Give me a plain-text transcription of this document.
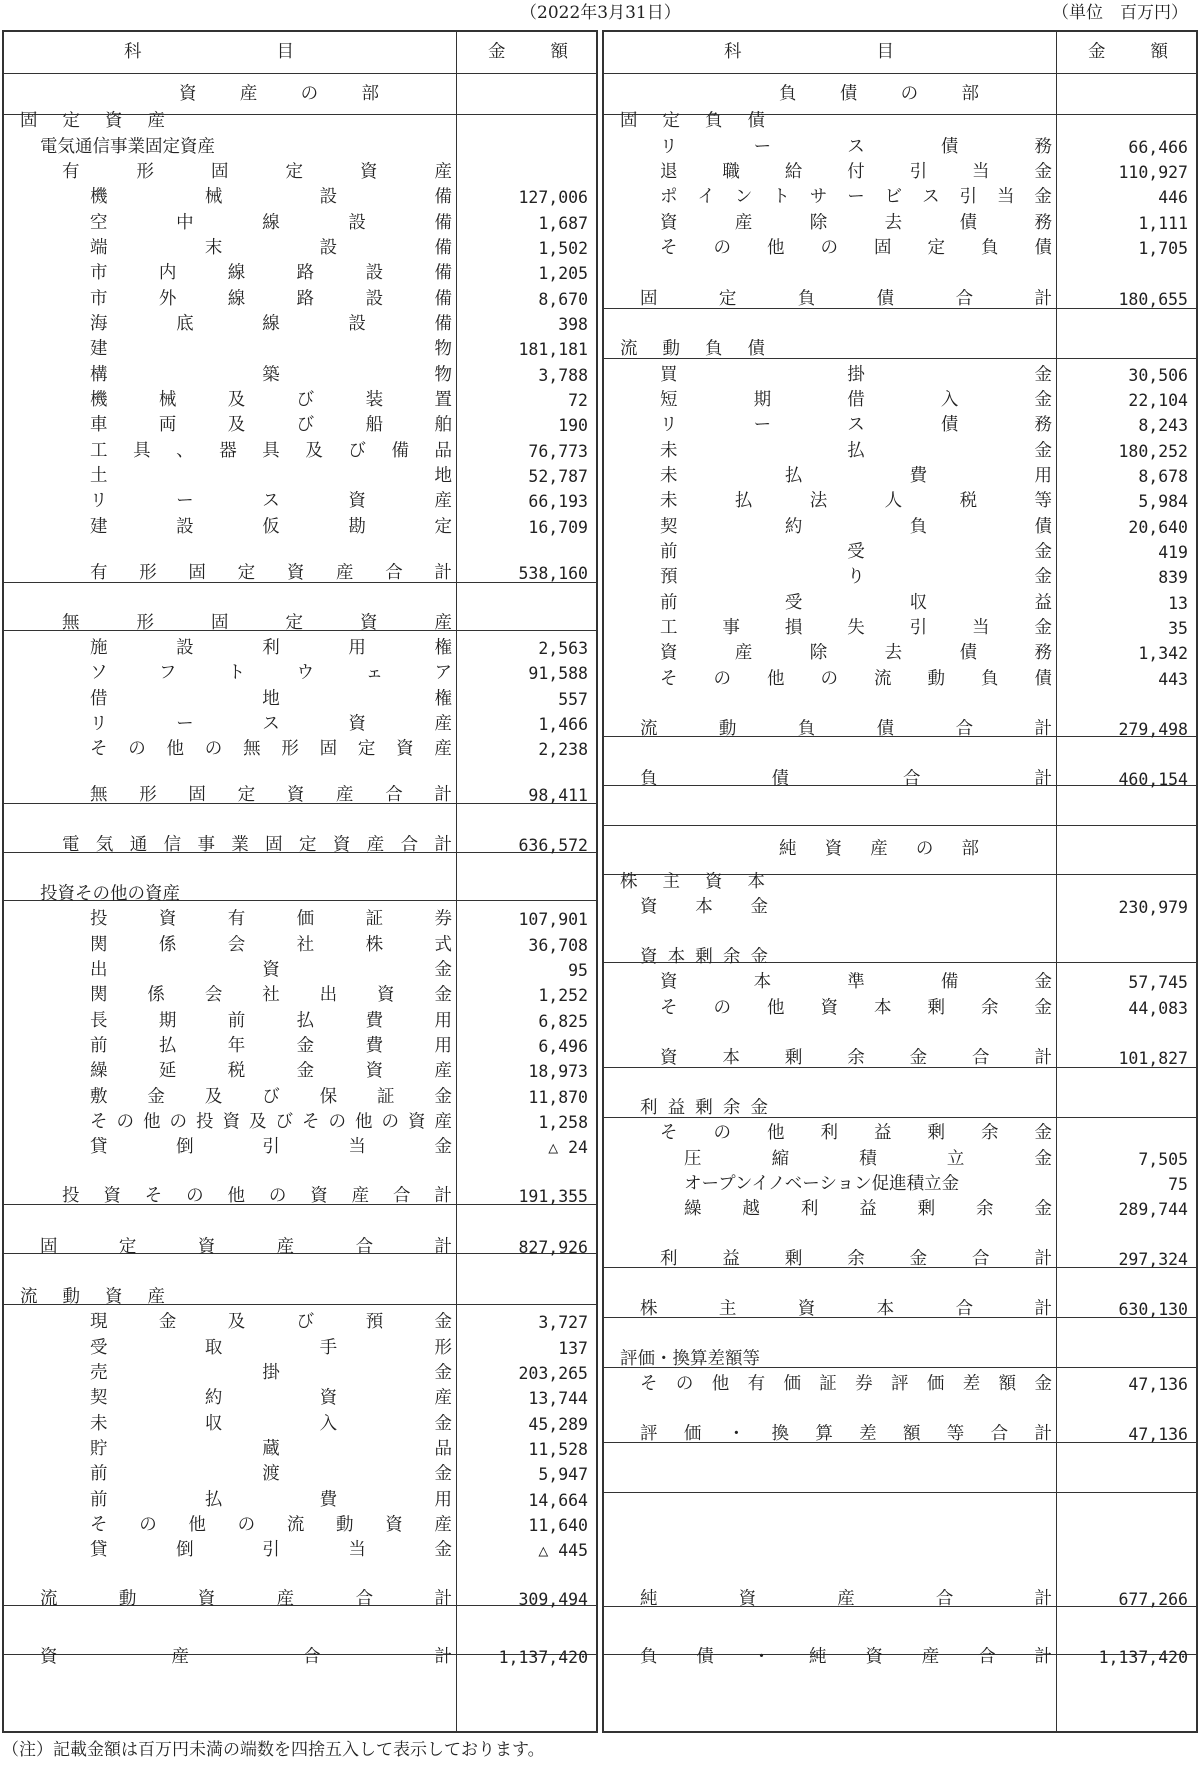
（2022年3月31日）	（単位　百万円）
科	目	金	額
資 産 の 部
固 定 資 産
電気通信事業固定資産
有	形	固	定	資	産
機	械	設	備	127,006
空	中	線	設	備	1,687
端	末	設	備	1,502
市	内	線	路	設	備	1,205
市	外	線	路	設	備	8,670
海	底	線	設	備	398
建	物	181,181
構	築	物	3,788
機	械	及	び	装	置	72
車	両	及	び	船	舶	190
工 具 、 器 具 及 び 備 品	76,773
土	地	52,787
リ	ー	ス	資	産	66,193
建	設	仮	勘	定	16,709
有 形 固 定 資 産 合 計	538,160
無	形	固	定	資	産
施	設	利	用	権	2,563
ソ	フ	ト	ウ	ェ	ア	91,588
借	地	権	557
リ	ー	ス	資	産	1,466
そ の 他 の 無 形 固 定 資 産	2,238
無 形 固 定 資 産 合 計	98,411
電 気 通 信 事 業 固 定 資 産 合 計	636,572
投資その他の資産
投	資	有	価	証	券	107,901
関	係	会	社	株	式	36,708
出	資	金	95
関 係 会 社 出 資 金	1,252
長	期	前	払	費	用	6,825
前	払	年	金	費	用	6,496
繰	延	税	金	資	産	18,973
敷 金 及 び 保 証 金	11,870
そ の 他 の 投 資 及 び そ の 他 の 資 産	1,258
貸	倒	引	当	金	△ 24
投 資 そ の 他 の 資 産 合 計	191,355
固	定	資	産	合	計	827,926
流 動 資 産
現	金	及	び	預	金	3,727
受	取	手	形	137
売	掛	金	203,265
契	約	資	産	13,744
未	収	入	金	45,289
貯	蔵	品	11,528
前	渡	金	5,947
前	払	費	用	14,664
そ の 他 の 流 動 資 産	11,640
貸	倒	引	当	金	△ 445
流	動	資	産	合	計	309,494
資	産	合	計	1,137,420
科	目	金	額
負 債 の 部
純 資 産 の 部
固 定 負 債
リ	ー	ス	債	務	66,466
退	職	給	付	引	当	金	110,927
ポ イ ン ト サ ー ビ ス 引 当 金	446
資	産	除	去	債	務	1,111
そ の 他 の 固 定 負 債	1,705
固	定	負	債	合	計	180,655
流 動 負 債
買	掛	金	30,506
短	期	借	入	金	22,104
リ	ー	ス	債	務	8,243
未	払	金	180,252
未	払	費	用	8,678
未	払	法	人	税	等	5,984
契	約	負	債	20,640
前	受	金	419
預	り	金	839
前	受	収	益	13
工	事	損	失	引	当	金	35
資	産	除	去	債	務	1,342
そ の 他 の 流 動 負 債	443
流	動	負	債	合	計	279,498
負	債	合	計	460,154
株 主 資 本
資 本 金	230,979
資 本 剰 余 金
資	本	準	備	金	57,745
そ の 他 資 本 剰 余 金	44,083
資	本	剰	余	金	合	計	101,827
利 益 剰 余 金
そ の 他 利 益 剰 余 金
圧	縮	積	立	金	7,505
オープンイノベーション促進積立金	75
繰 越 利 益 剰 余 金	289,744
利	益	剰	余	金	合	計	297,324
株	主	資	本	合	計	630,130
評価・換算差額等
そ の 他 有 価 証 券 評 価 差 額 金	47,136
評 価 ・ 換 算 差 額 等 合 計	47,136
純	資	産	合	計	677,266
負 債 ・ 純 資 産 合 計	1,137,420
（注）記載金額は百万円未満の端数を四捨五入して表示しております。
